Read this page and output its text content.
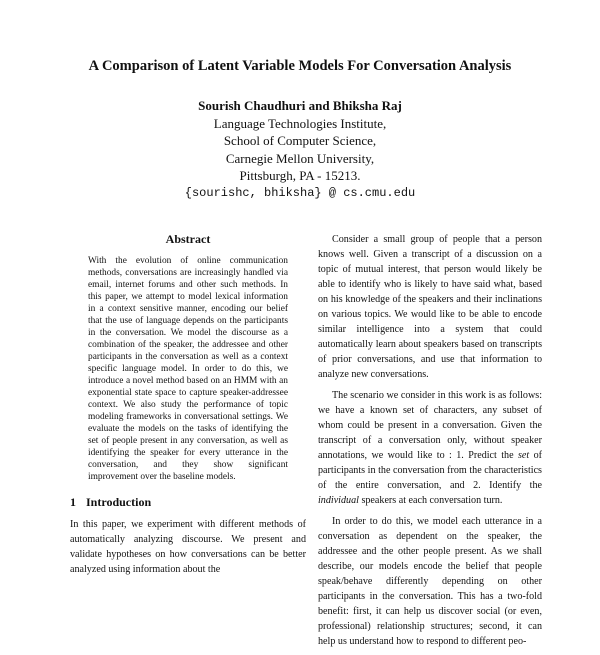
A Comparison of Latent Variable Models For Conversation Analysis
Sourish Chaudhuri and Bhiksha Raj
Language Technologies Institute,
School of Computer Science,
Carnegie Mellon University,
Pittsburgh, PA - 15213.
{sourishc, bhiksha} @ cs.cmu.edu
Abstract

With the evolution of online communication methods, conversations are increasingly handled via email, internet forums and other such methods. In this paper, we attempt to model lexical information in a context sensitive manner, encoding our belief that the use of language depends on the participants in the conversation. We model the discourse as a combination of the speaker, the addressee and other participants in the conversation as well as a context specific language model. In order to do this, we introduce a novel method based on an HMM with an exponential state space to capture speaker-addressee context. We also study the performance of topic modeling frameworks in conversational settings. We evaluate the models on the tasks of identifying the set of people present in any conversation, as well as identifying the speaker for every utterance in the conversation, and they show significant improvement over the baseline models.

1 Introduction

In this paper, we experiment with different methods of automatically analyzing discourse. We present and validate hypotheses on how conversations can be better analyzed using information about the

Consider a small group of people that a person knows well. Given a transcript of a discussion on a topic of mutual interest, that person would likely be able to identify who is likely to have said what, based on his knowledge of the speakers and their inclinations on various topics. We would like to be able to encode similar intelligence into a system that could automatically learn about speakers based on transcripts of prior conversations, and use that information to analyze new conversations.

The scenario we consider in this work is as follows: we have a known set of characters, any subset of whom could be present in a conversation. Given the transcript of a conversation only, without speaker annotations, we would like to : 1. Predict the set of participants in the conversation from the characteristics of the entire conversation, and 2. Identify the individual speakers at each conversation turn.

In order to do this, we model each utterance in a conversation as dependent on the speaker, the addressee and the other people present. As we shall describe, our models encode the belief that people speak/behave differently depending on other participants in the conversation. This has a two-fold benefit: first, it can help us discover social (or even, professional) relationship structures; second, it can help us understand how to respond to different peo-
